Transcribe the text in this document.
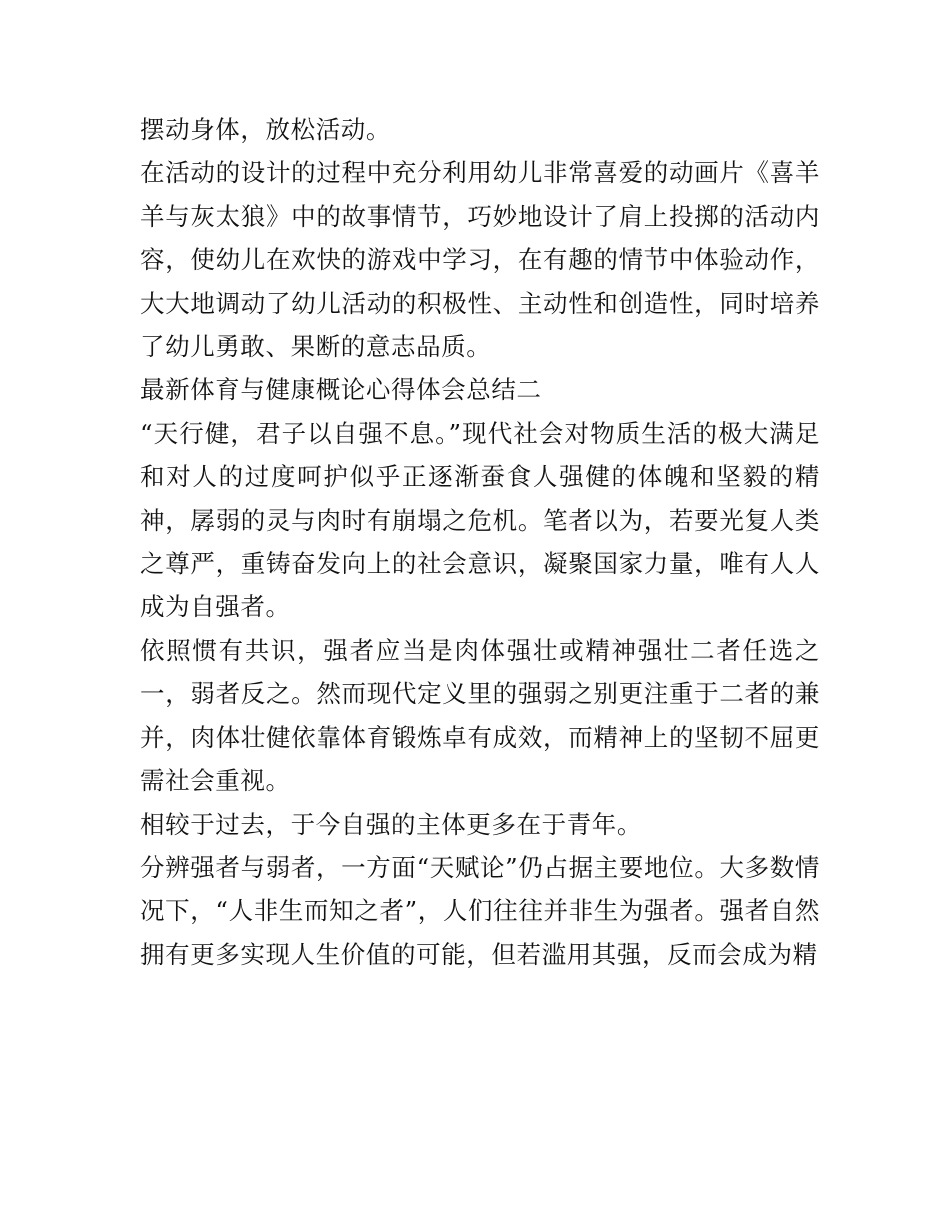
摆动身体，放松活动。

在活动的设计的过程中充分利用幼儿非常喜爱的动画片《喜羊羊与灰太狼》中的故事情节，巧妙地设计了肩上投掷的活动内容，使幼儿在欢快的游戏中学习，在有趣的情节中体验动作，大大地调动了幼儿活动的积极性、主动性和创造性，同时培养了幼儿勇敢、果断的意志品质。

最新体育与健康概论心得体会总结二

“天行健，君子以自强不息。”现代社会对物质生活的极大满足和对人的过度呵护似乎正逐渐蚕食人强健的体魄和坚毅的精神，孱弱的灵与肉时有崩塌之危机。笔者以为，若要光复人类之尊严，重铸奋发向上的社会意识，凝聚国家力量，唯有人人成为自强者。

依照惯有共识，强者应当是肉体强壮或精神强壮二者任选之一，弱者反之。然而现代定义里的强弱之别更注重于二者的兼并，肉体壮健依靠体育锻炼卓有成效，而精神上的坚韧不屈更需社会重视。

相较于过去，于今自强的主体更多在于青年。

分辨强者与弱者，一方面“天赋论”仍占据主要地位。大多数情况下，“人非生而知之者”，人们往往并非生为强者。强者自然拥有更多实现人生价值的可能，但若滥用其强，反而会成为精
